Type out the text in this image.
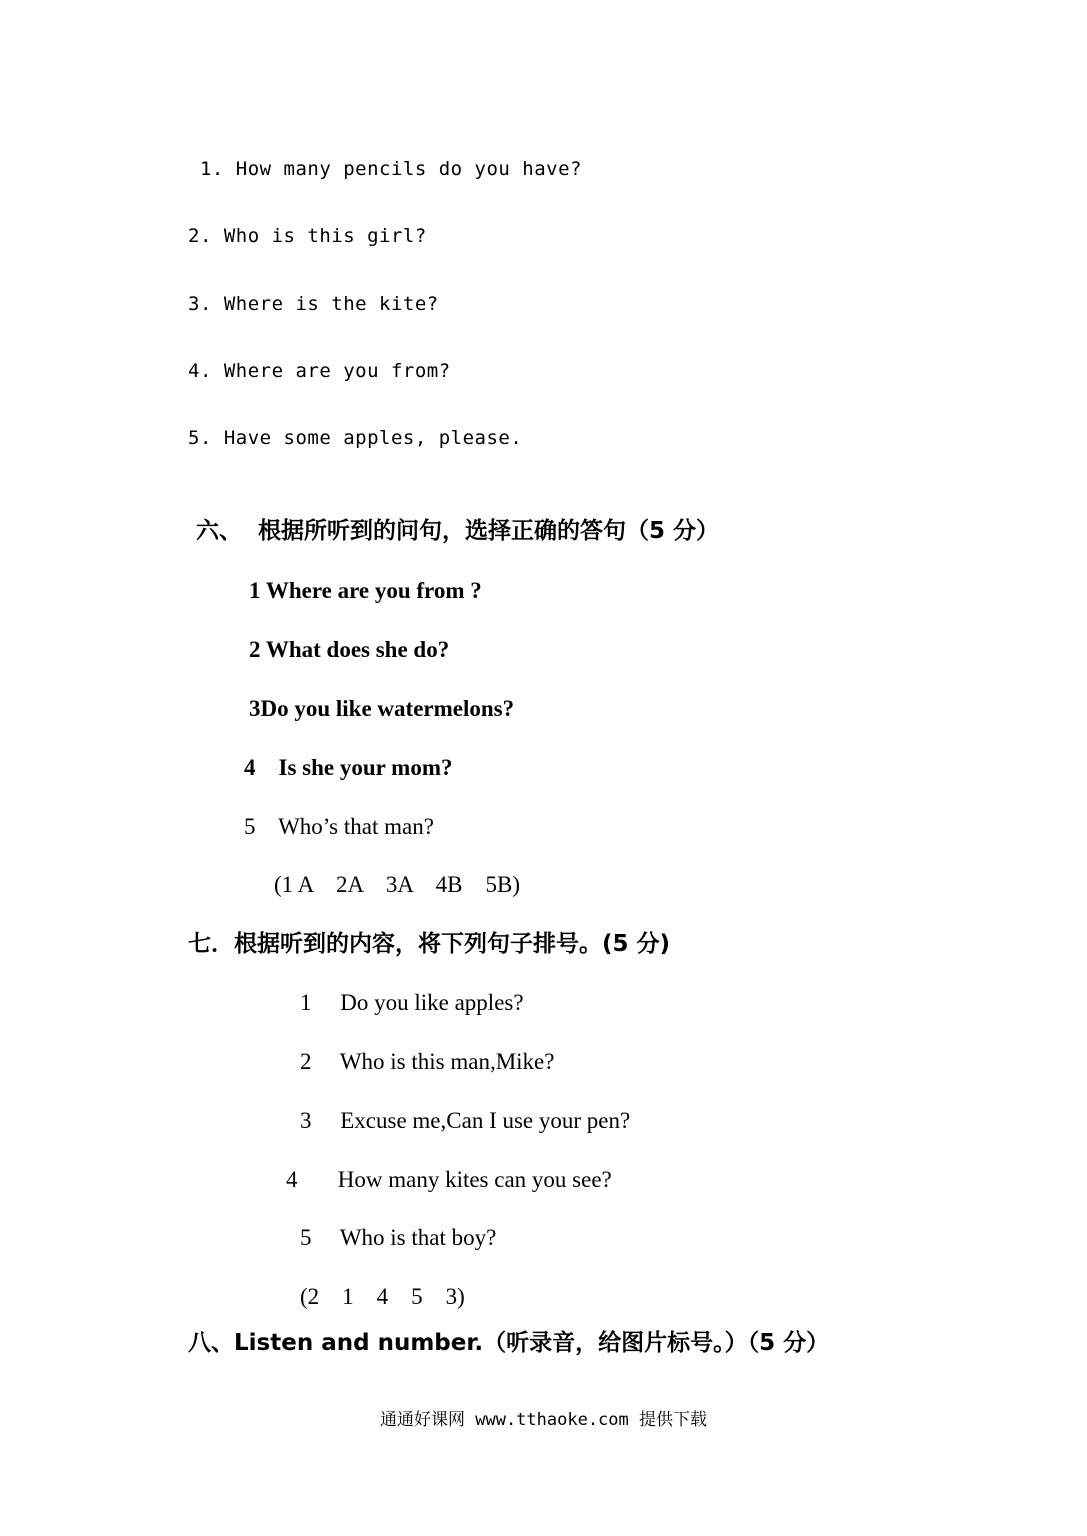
1. How many pencils do you have?
2. Who is this girl?
3. Where is the kite?
4. Where are you from?
5. Have some apples, please.
六、  根据所听到的问句，选择正确的答句（5 分）
1 Where are you from ?
2 What does she do?
3Do you like watermelons?
4    Is she your mom?
5    Who’s that man?
(1 A    2A    3A    4B    5B)
七．根据听到的内容，将下列句子排号。(5 分)
1     Do you like apples?
2     Who is this man,Mike?
3     Excuse me,Can I use your pen?
4       How many kites can you see?
5     Who is that boy?
(2    1    4    5    3)
八、Listen and number.（听录音，给图片标号。）（5 分）
通通好课网 www.tthaoke.com 提供下载
